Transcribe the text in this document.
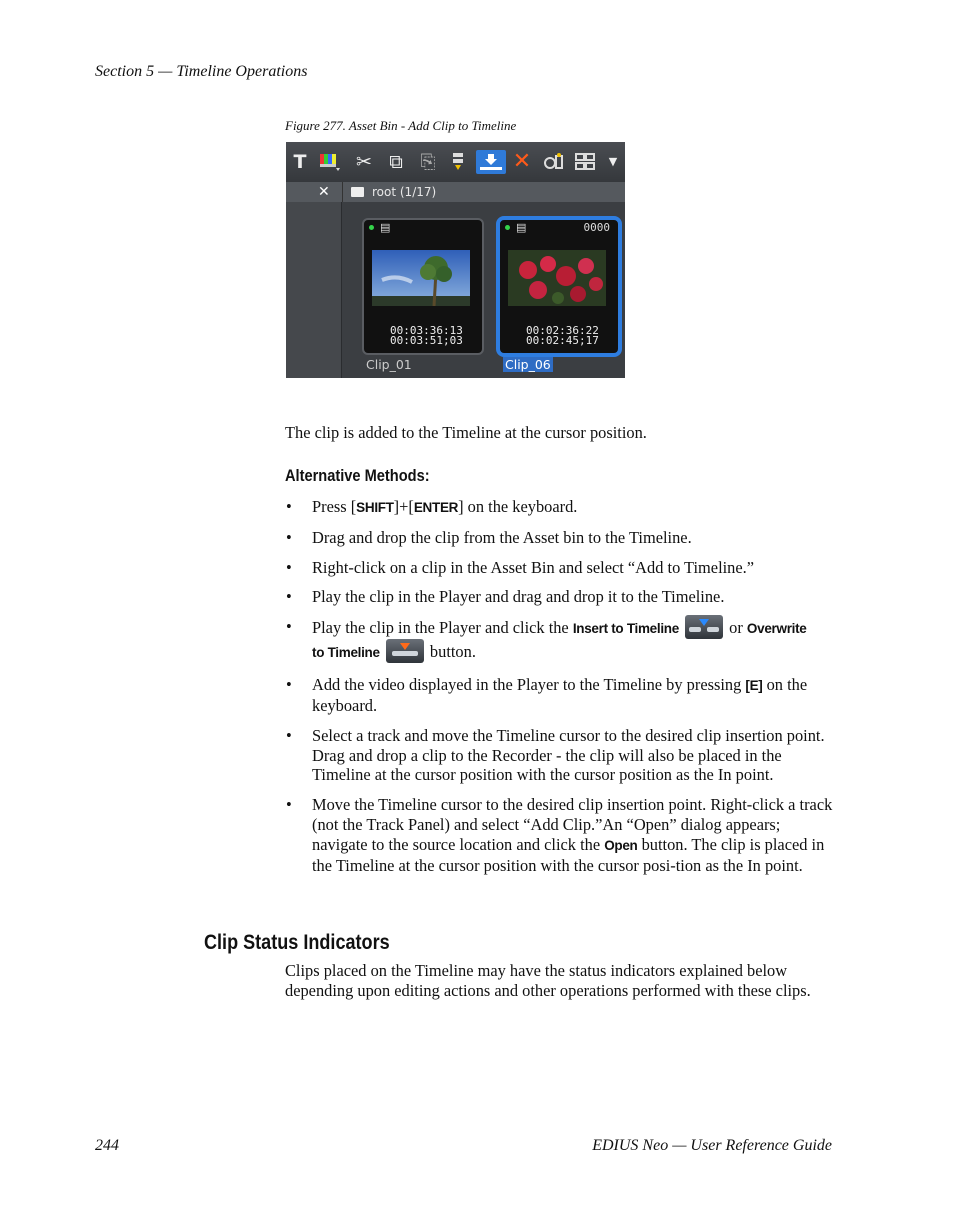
Section 5 — Timeline Operations
Figure 277. Asset Bin - Add Clip to Timeline
T	✂ ⧉ ⎘	✕	▼
✕	root (1/17)
▤
00:03:36:13
00:03:51;03
Clip_01
▤	0000
00:02:36:22
00:02:45;17
Clip_06
The clip is added to the Timeline at the cursor position.
Alternative Methods:
• Press [SHIFT]+[ENTER] on the keyboard.
• Drag and drop the clip from the Asset bin to the Timeline.
• Right-click on a clip in the Asset Bin and select “Add to Timeline.”
• Play the clip in the Player and drag and drop it to the Timeline.
• Play the clip in the Player and click the Insert to Timeline	or Overwrite
to Timeline	button.
• Add the video displayed in the Player to the Timeline by pressing [E] on the keyboard.
• Select a track and move the Timeline cursor to the desired clip insertion point. Drag and drop a clip to the Recorder - the clip will also be placed in the Timeline at the cursor position with the cursor position as the In point.
• Move the Timeline cursor to the desired clip insertion point. Right-click a track (not the Track Panel) and select “Add Clip.”An “Open” dialog appears; navigate to the source location and click the Open button. The clip is placed in the Timeline at the cursor position with the cursor posi-tion as the In point.
Clip Status Indicators
Clips placed on the Timeline may have the status indicators explained below depending upon editing actions and other operations performed with these clips.
244	EDIUS Neo — User Reference Guide
